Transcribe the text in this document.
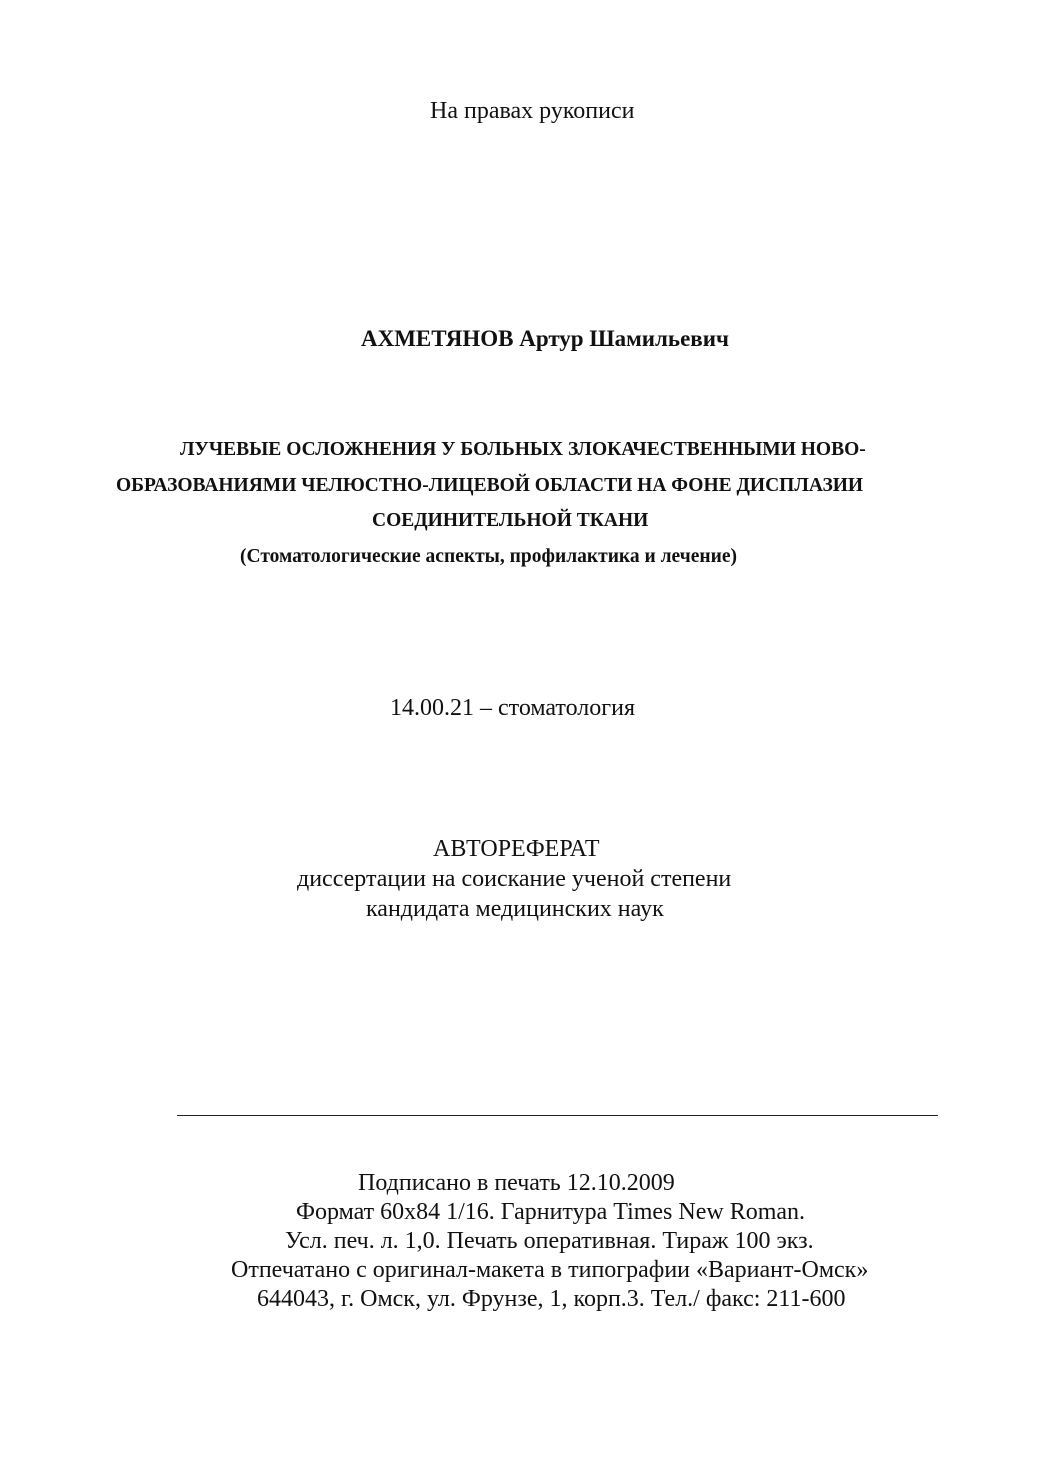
На правах рукописи
АХМЕТЯНОВ Артур Шамильевич
ЛУЧЕВЫЕ ОСЛОЖНЕНИЯ У БОЛЬНЫХ ЗЛОКАЧЕСТВЕННЫМИ НОВО-
ОБРАЗОВАНИЯМИ ЧЕЛЮСТНО-ЛИЦЕВОЙ ОБЛАСТИ НА ФОНЕ ДИСПЛАЗИИ
СОЕДИНИТЕЛЬНОЙ ТКАНИ
(Стоматологические аспекты, профилактика и лечение)
14.00.21 – стоматология
АВТОРЕФЕРАТ
диссертации на соискание ученой степени
кандидата медицинских наук
Подписано в печать 12.10.2009
Формат 60x84 1/16. Гарнитура Times New Roman.
Усл. печ. л. 1,0. Печать оперативная. Тираж 100 экз.
Отпечатано с оригинал-макета в типографии «Вариант-Омск»
644043, г. Омск, ул. Фрунзе, 1, корп.3. Тел./ факс: 211-600
